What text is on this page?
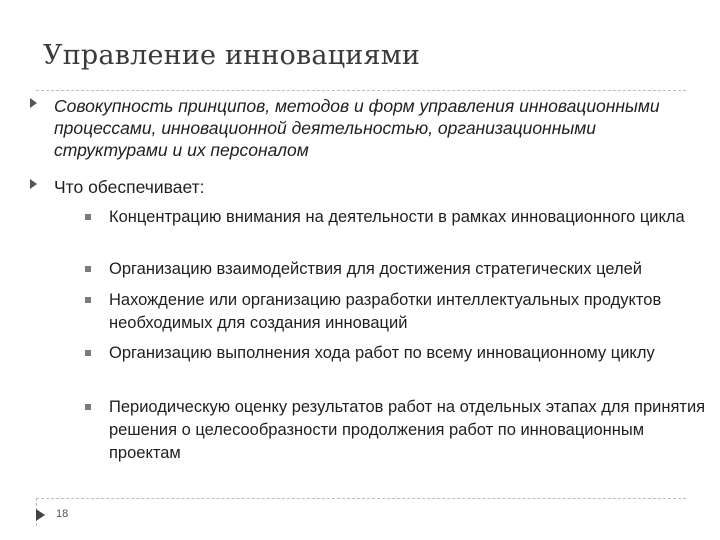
Управление инновациями
Совокупность принципов, методов и форм управления инновационными процессами, инновационной деятельностью, организационными структурами и их персоналом
Что обеспечивает:
Концентрацию внимания на деятельности в рамках инновационного цикла
Организацию взаимодействия для достижения стратегических целей
Нахождение или организацию разработки интеллектуальных продуктов необходимых для создания инноваций
Организацию выполнения хода работ по всему инновационному циклу
Периодическую оценку результатов работ на отдельных этапах для принятия решения о целесообразности продолжения работ по инновационным проектам
18
